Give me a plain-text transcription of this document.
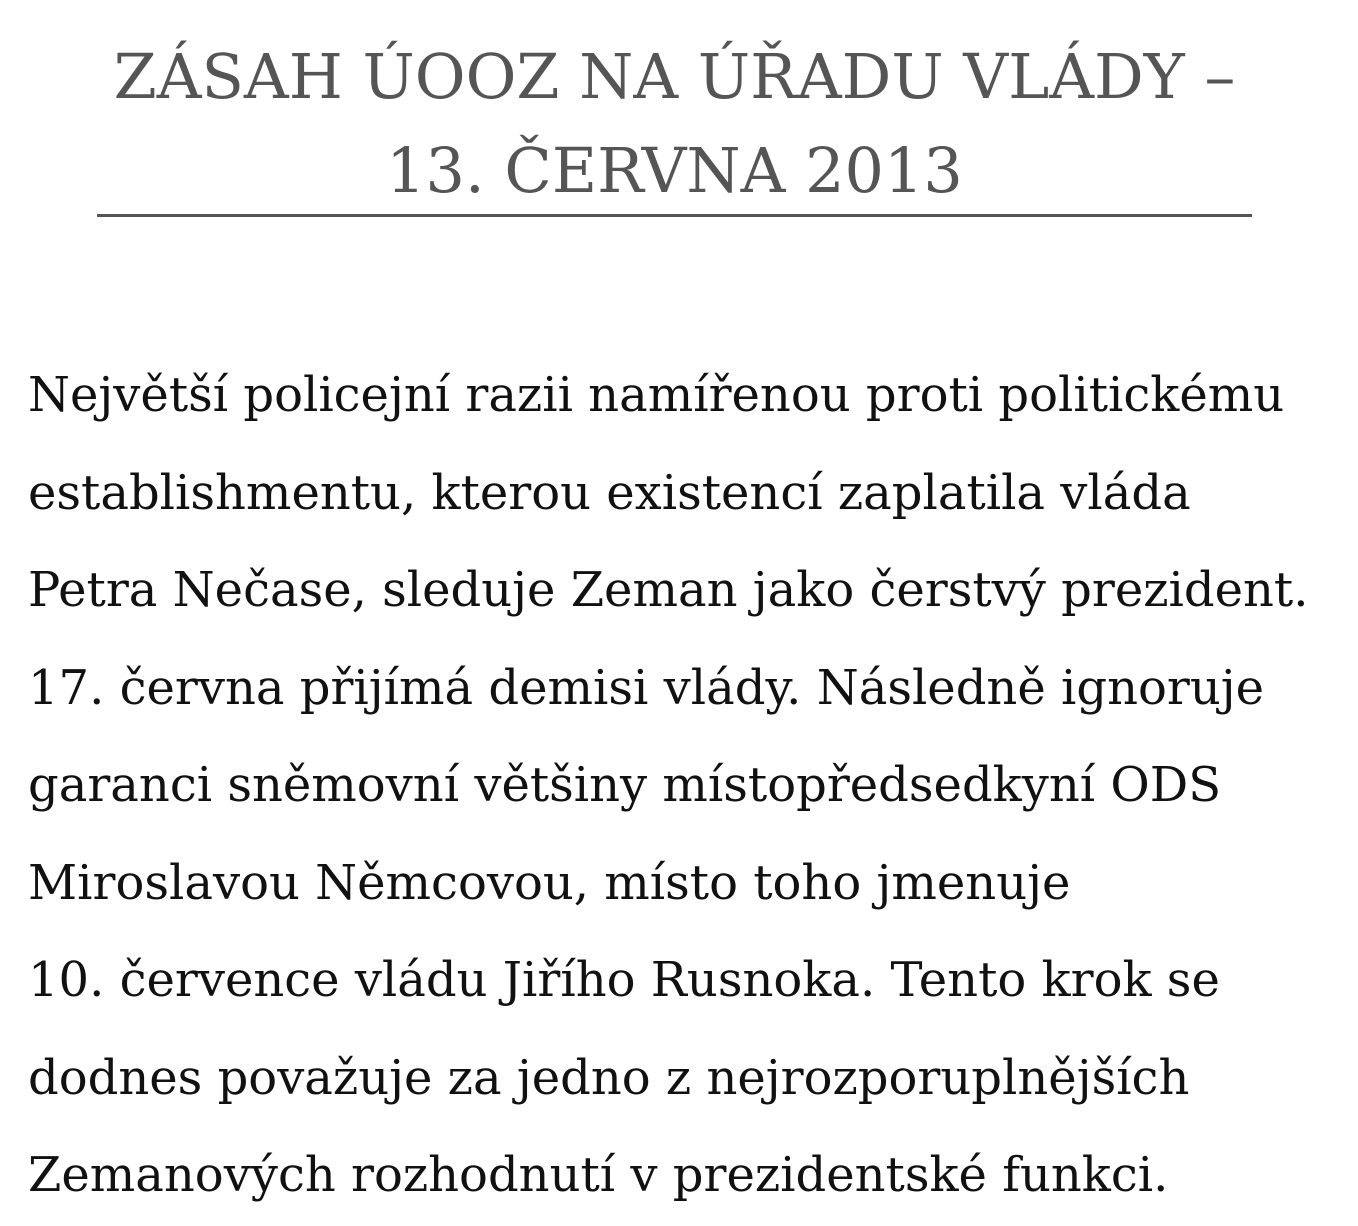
ZÁSAH ÚOOZ NA ÚŘADU VLÁDY –
13. ČERVNA 2013

Největší policejní razii namířenou proti politickému
establishmentu, kterou existencí zaplatila vláda
Petra Nečase, sleduje Zeman jako čerstvý prezident.
17. června přijímá demisi vlády. Následně ignoruje
garanci sněmovní většiny místopředsedkyní ODS
Miroslavou Němcovou, místo toho jmenuje
10. července vládu Jiřího Rusnoka. Tento krok se
dodnes považuje za jedno z nejrozporuplnějších
Zemanových rozhodnutí v prezidentské funkci.
